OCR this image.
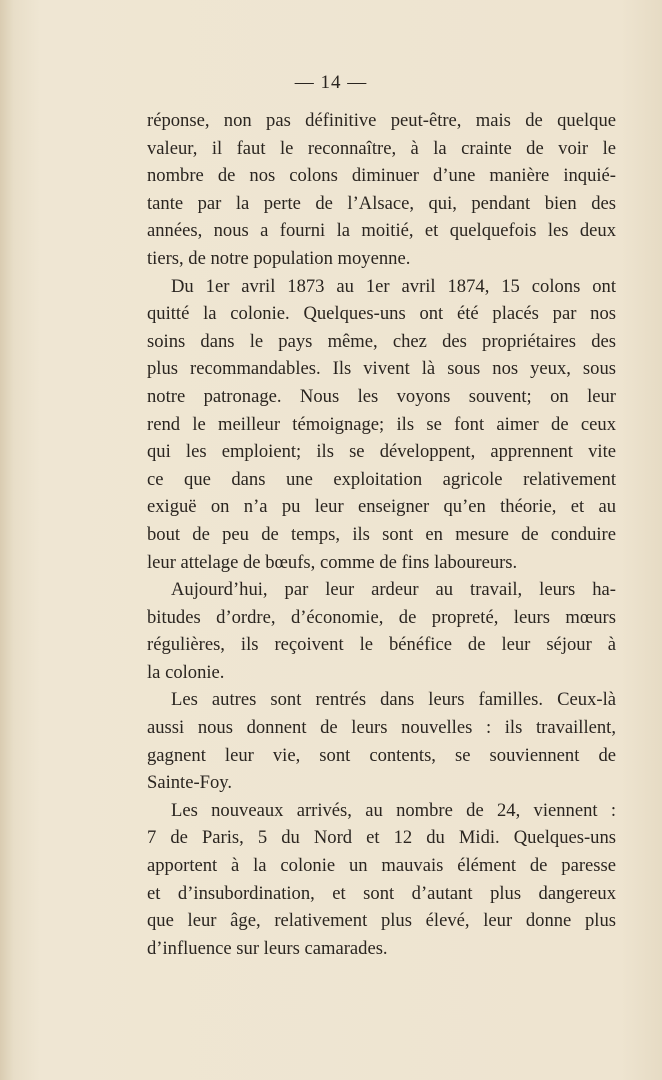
— 14 —
réponse, non pas définitive peut-être, mais de quelque
valeur, il faut le reconnaître, à la crainte de voir le
nombre de nos colons diminuer d’une manière inquié-
tante par la perte de l’Alsace, qui, pendant bien des
années, nous a fourni la moitié, et quelquefois les deux
tiers, de notre population moyenne.
Du 1er avril 1873 au 1er avril 1874, 15 colons ont
quitté la colonie. Quelques-uns ont été placés par nos
soins dans le pays même, chez des propriétaires des
plus recommandables. Ils vivent là sous nos yeux, sous
notre patronage. Nous les voyons souvent; on leur
rend le meilleur témoignage; ils se font aimer de ceux
qui les emploient; ils se développent, apprennent vite
ce que dans une exploitation agricole relativement
exiguë on n’a pu leur enseigner qu’en théorie, et au
bout de peu de temps, ils sont en mesure de conduire
leur attelage de bœufs, comme de fins laboureurs.
Aujourd’hui, par leur ardeur au travail, leurs ha-
bitudes d’ordre, d’économie, de propreté, leurs mœurs
régulières, ils reçoivent le bénéfice de leur séjour à
la colonie.
Les autres sont rentrés dans leurs familles. Ceux-là
aussi nous donnent de leurs nouvelles : ils travaillent,
gagnent leur vie, sont contents, se souviennent de
Sainte-Foy.
Les nouveaux arrivés, au nombre de 24, viennent :
7 de Paris, 5 du Nord et 12 du Midi. Quelques-uns
apportent à la colonie un mauvais élément de paresse
et d’insubordination, et sont d’autant plus dangereux
que leur âge, relativement plus élevé, leur donne plus
d’influence sur leurs camarades.
